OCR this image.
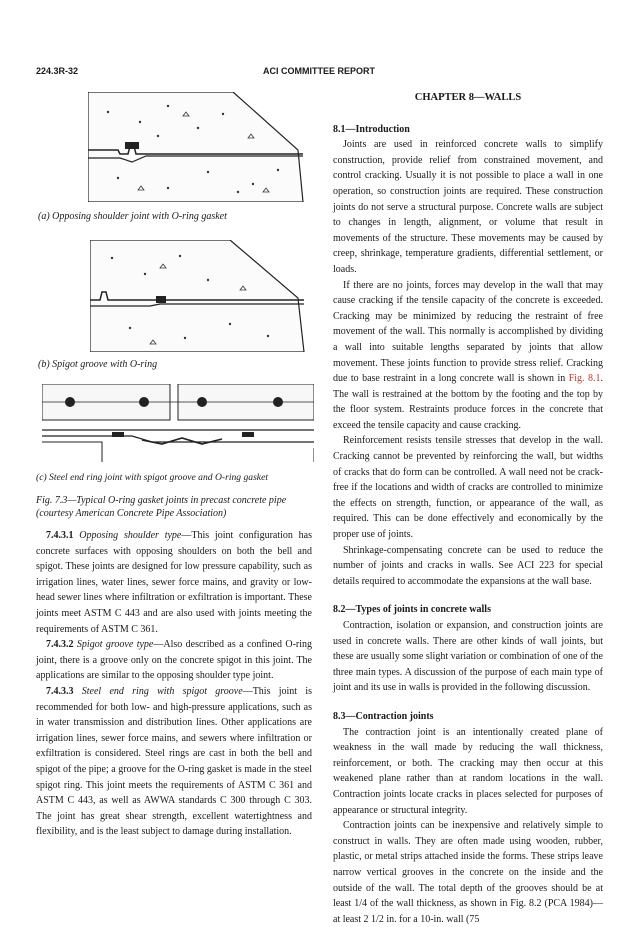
224.3R-32	ACI COMMITTEE REPORT
(a) Opposing shoulder joint with O-ring gasket
(b) Spigot groove with O-ring
(c) Steel end ring joint with spigot groove and O-ring gasket
Fig. 7.3—Typical O-ring gasket joints in precast concrete pipe (courtesy American Concrete Pipe Association)

7.4.3.1 Opposing shoulder type—This joint configuration has concrete surfaces with opposing shoulders on both the bell and spigot. These joints are designed for low pressure capability, such as irrigation lines, water lines, sewer force mains, and gravity or low-head sewer lines where infiltration or exfiltration is important. These joints meet ASTM C 443 and are also used with joints meeting the requirements of ASTM C 361.

7.4.3.2 Spigot groove type—Also described as a confined O-ring joint, there is a groove only on the concrete spigot in this joint. The applications are similar to the opposing shoulder type joint.

7.4.3.3 Steel end ring with spigot groove—This joint is recommended for both low- and high-pressure applications, such as in water transmission and distribution lines. Other applications are irrigation lines, sewer force mains, and sewers where infiltration or exfiltration is considered. Steel rings are cast in both the bell and spigot of the pipe; a groove for the O-ring gasket is made in the steel spigot ring. This joint meets the requirements of ASTM C 361 and ASTM C 443, as well as AWWA standards C 300 through C 303. The joint has great shear strength, excellent watertightness and flexibility, and is the least subject to damage during installation.

CHAPTER 8—WALLS
8.1—Introduction

Joints are used in reinforced concrete walls to simplify construction, provide relief from constrained movement, and control cracking. Usually it is not possible to place a wall in one operation, so construction joints are required. These construction joints do not serve a structural purpose. Concrete walls are subject to changes in length, alignment, or volume that result in movements of the structure. These movements may be caused by creep, shrinkage, temperature gradients, differential settlement, or loads.

If there are no joints, forces may develop in the wall that may cause cracking if the tensile capacity of the concrete is exceeded. Cracking may be minimized by reducing the restraint of free movement of the wall. This normally is accomplished by dividing a wall into suitable lengths separated by joints that allow movement. These joints function to provide stress relief. Cracking due to base restraint in a long concrete wall is shown in Fig. 8.1. The wall is restrained at the bottom by the footing and the top by the floor system. Restraints produce forces in the concrete that exceed the tensile capacity and cause cracking.

Reinforcement resists tensile stresses that develop in the wall. Cracking cannot be prevented by reinforcing the wall, but widths of cracks that do form can be controlled. A wall need not be crack-free if the locations and width of cracks are controlled to minimize the effects on strength, function, or appearance of the wall, as required. This can be done effectively and economically by the proper use of joints.

Shrinkage-compensating concrete can be used to reduce the number of joints and cracks in walls. See ACI 223 for special details required to accommodate the expansions at the wall base.

8.2—Types of joints in concrete walls

Contraction, isolation or expansion, and construction joints are used in concrete walls. There are other kinds of wall joints, but these are usually some slight variation or combination of one of the three main types. A discussion of the purpose of each main type of joint and its use in walls is provided in the following discussion.

8.3—Contraction joints

The contraction joint is an intentionally created plane of weakness in the wall made by reducing the wall thickness, reinforcement, or both. The cracking may then occur at this weakened plane rather than at random locations in the wall. Contraction joints locate cracks in places selected for purposes of appearance or structural integrity.

Contraction joints can be inexpensive and relatively simple to construct in walls. They are often made using wooden, rubber, plastic, or metal strips attached inside the forms. These strips leave narrow vertical grooves in the concrete on the inside and the outside of the wall. The total depth of the grooves should be at least 1/4 of the wall thickness, as shown in Fig. 8.2 (PCA 1984)—at least 2 1/2 in. for a 10-in. wall (75
